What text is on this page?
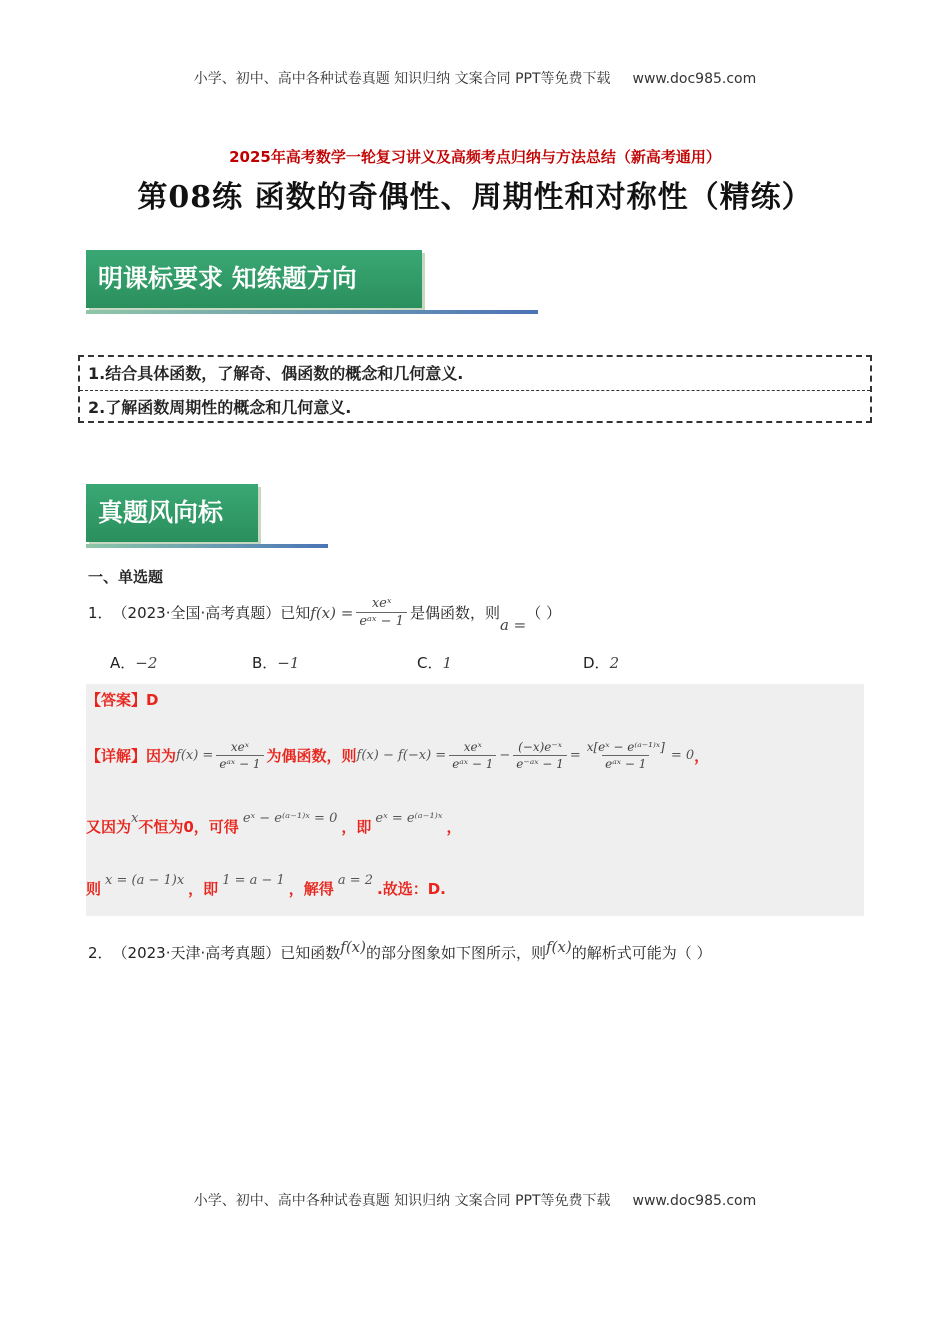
小学、初中、高中各种试卷真题 知识归纳 文案合同 PPT等免费下载 www.doc985.com
2025年高考数学一轮复习讲义及高频考点归纳与方法总结（新高考通用）
第08练 函数的奇偶性、周期性和对称性（精练）
明课标要求 知练题方向
1.结合具体函数，了解奇、偶函数的概念和几何意义.
2.了解函数周期性的概念和几何意义.
真题风向标
一、单选题
1． （2023·全国·高考真题）已知 $f(x) = \frac{\text{xeˣ}}{\text{eᵃˣ − 1}}$ 是偶函数，则
a =
（ ）
A．−2	B．−1	C．1	D．2
【答案】 D
【详解】因为 $f(x) = \frac{\text{xeˣ}}{\text{eᵃˣ − 1}}$ 为偶函数，则 $f(x) - f(-x) = \frac{\text{xeˣ}}{\text{eᵃˣ − 1}} - \frac{\text{(−x)e⁻ˣ}}{\text{e⁻ᵃˣ − 1}} = \frac{\text{x[eˣ − e⁽ᵃ⁻¹⁾ˣ]}}{\text{eᵃˣ − 1}} = 0$ ，
又因为 x 不恒为0，可得 eˣ − e⁽ᵃ⁻¹⁾ˣ = 0 ，即 eˣ = e⁽ᵃ⁻¹⁾ˣ ，
则 x = (a − 1)x ，即 1 = a − 1 ，解得 a = 2 .故选：D.
2． （2023·天津·高考真题）已知函数 f(x) 的部分图象如下图所示，则 f(x) 的解析式可能为（ ）
小学、初中、高中各种试卷真题 知识归纳 文案合同 PPT等免费下载 www.doc985.com
